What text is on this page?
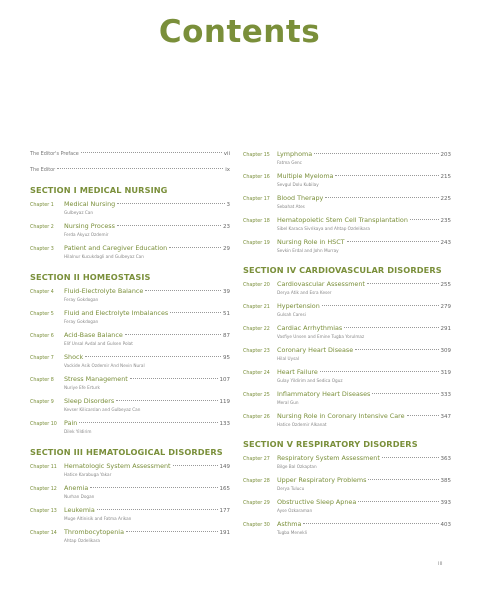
Contents
The Editor's Preface	vii
The Editor	ix
SECTION I MEDICAL NURSING
Chapter 1	Medical Nursing	3
Gulbeyaz Can
Chapter 2	Nursing Process	23
Ferda Akyuz Ozdemir
Chapter 3	Patient and Caregiver Education	29
Hilalnur Kucukdagli and Gulbeyaz Can
SECTION II HOMEOSTASIS
Chapter 4	Fluid-Electrolyte Balance	39
Feray Gokdogan
Chapter 5	Fluid and Electrolyte Imbalances	51
Feray Gokdogan
Chapter 6	Acid-Base Balance	87
Elif Unsal Avdal and Gulsen Polat
Chapter 7	Shock	95
Vackide Asik Ozdemir And Nevin Nural
Chapter 8	Stress Management	107
Nuriye Efe Erturk
Chapter 9	Sleep Disorders	119
Kevser Kilicarslan and Gulbeyaz Can
Chapter 10	Pain	133
Dilek Yildirim
SECTION III HEMATOLOGICAL DISORDERS
Chapter 11	Hematologic System Assessment	149
Hatice Karabuga Yakar
Chapter 12	Anemia	165
Nurhan Dogan
Chapter 13	Leukemia	177
Muge Altinisik and Fatma Arikan
Chapter 14	Thrombocytopenia	191
Ahtap Ozdelikara
Chapter 15	Lymphoma	203
Fatma Genc
Chapter 16	Multiple Myeloma	215
Sevgul Dolu Kubilay
Chapter 17	Blood Therapy	225
Sebahat Ates
Chapter 18	Hematopoietic Stem Cell Transplantation	235
Sibel Karaca Sivrikaya and Ahtap Ozdelikara
Chapter 19	Nursing Role in HSCT	243
Sevkin Erdal and John Murray
SECTION IV CARDIOVASCULAR DISORDERS
Chapter 20	Cardiovascular Assessment	255
Derya Atik and Esra Keser
Chapter 21	Hypertension	279
Gulsah Caresi
Chapter 22	Cardiac Arrhythmias	291
Vasfiye Unsen and Emine Tugba Yorulmaz
Chapter 23	Coronary Heart Disease	309
Hilal Uysal
Chapter 24	Heart Failure	319
Gulay Yildirim and Sedica Oguz
Chapter 25	Inflammatory Heart Diseases	333
Meral Gun
Chapter 26	Nursing Role in Coronary Intensive Care	347
Hatice Ozdemir Alkanat
SECTION V RESPIRATORY DISORDERS
Chapter 27	Respiratory System Assessment	363
Bilge Bal Ozkaptan
Chapter 28	Upper Respiratory Problems	385
Derya Tulucu
Chapter 29	Obstructive Sleep Apnea	393
Ayse Ozkaraman
Chapter 30	Asthma	403
Tugba Menekli
iii
